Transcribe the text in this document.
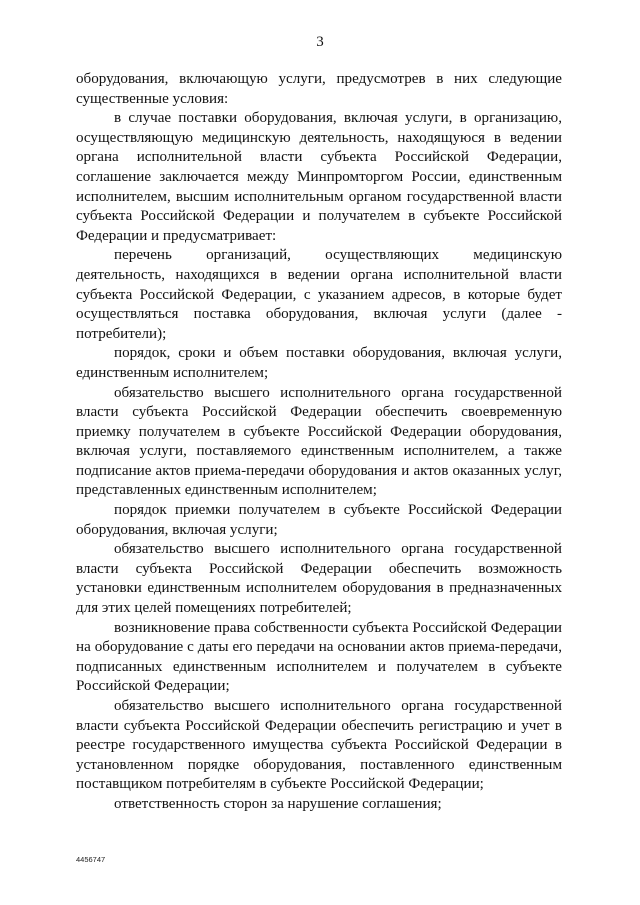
3

оборудования, включающую услуги, предусмотрев в них следующие существенные условия:

в случае поставки оборудования, включая услуги, в организацию, осуществляющую медицинскую деятельность, находящуюся в ведении органа исполнительной власти субъекта Российской Федерации, соглашение заключается между Минпромторгом России, единственным исполнителем, высшим исполнительным органом государственной власти субъекта Российской Федерации и получателем в субъекте Российской Федерации и предусматривает:

перечень организаций, осуществляющих медицинскую деятельность, находящихся в ведении органа исполнительной власти субъекта Российской Федерации, с указанием адресов, в которые будет осуществляться поставка оборудования, включая услуги (далее - потребители);

порядок, сроки и объем поставки оборудования, включая услуги, единственным исполнителем;

обязательство высшего исполнительного органа государственной власти субъекта Российской Федерации обеспечить своевременную приемку получателем в субъекте Российской Федерации оборудования, включая услуги, поставляемого единственным исполнителем, а также подписание актов приема-передачи оборудования и актов оказанных услуг, представленных единственным исполнителем;

порядок приемки получателем в субъекте Российской Федерации оборудования, включая услуги;

обязательство высшего исполнительного органа государственной власти субъекта Российской Федерации обеспечить возможность установки единственным исполнителем оборудования в предназначенных для этих целей помещениях потребителей;

возникновение права собственности субъекта Российской Федерации на оборудование с даты его передачи на основании актов приема-передачи, подписанных единственным исполнителем и получателем в субъекте Российской Федерации;

обязательство высшего исполнительного органа государственной власти субъекта Российской Федерации обеспечить регистрацию и учет в реестре государственного имущества субъекта Российской Федерации в установленном порядке оборудования, поставленного единственным поставщиком потребителям в субъекте Российской Федерации;

ответственность сторон за нарушение соглашения;

4456747
